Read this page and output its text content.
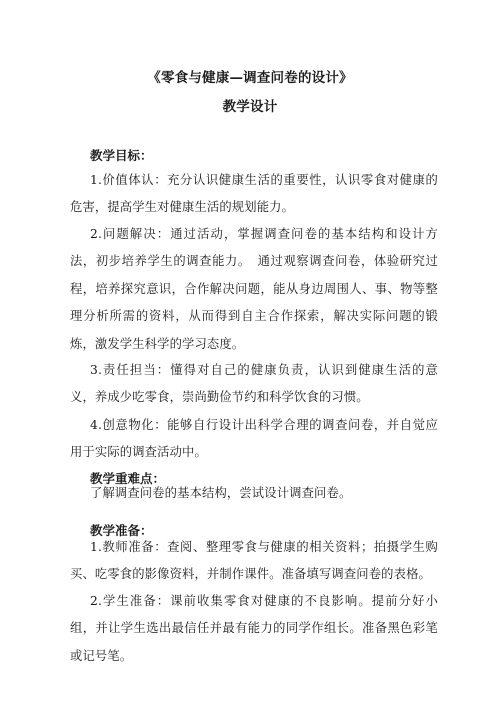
《零食与健康—调查问卷的设计》
教学设计
教学目标：
1.价值体认：充分认识健康生活的重要性，认识零食对健康的危害，提高学生对健康生活的规划能力。
2.问题解决：通过活动，掌握调查问卷的基本结构和设计方法，初步培养学生的调查能力。　通过观察调查问卷，体验研究过程，培养探究意识，合作解决问题，能从身边周围人、事、物等整理分析所需的资料，从而得到自主合作探索，解决实际问题的锻炼，激发学生科学的学习态度。
3.责任担当：懂得对自己的健康负责，认识到健康生活的意义，养成少吃零食，崇尚勤俭节约和科学饮食的习惯。
4.创意物化：能够自行设计出科学合理的调查问卷，并自觉应用于实际的调查活动中。
教学重难点：
了解调查问卷的基本结构，尝试设计调查问卷。
教学准备：
1.教师准备：查阅、整理零食与健康的相关资料；拍摄学生购买、吃零食的影像资料，并制作课件。准备填写调查问卷的表格。
2.学生准备：课前收集零食对健康的不良影响。提前分好小组，并让学生选出最信任并最有能力的同学作组长。准备黑色彩笔或记号笔。
